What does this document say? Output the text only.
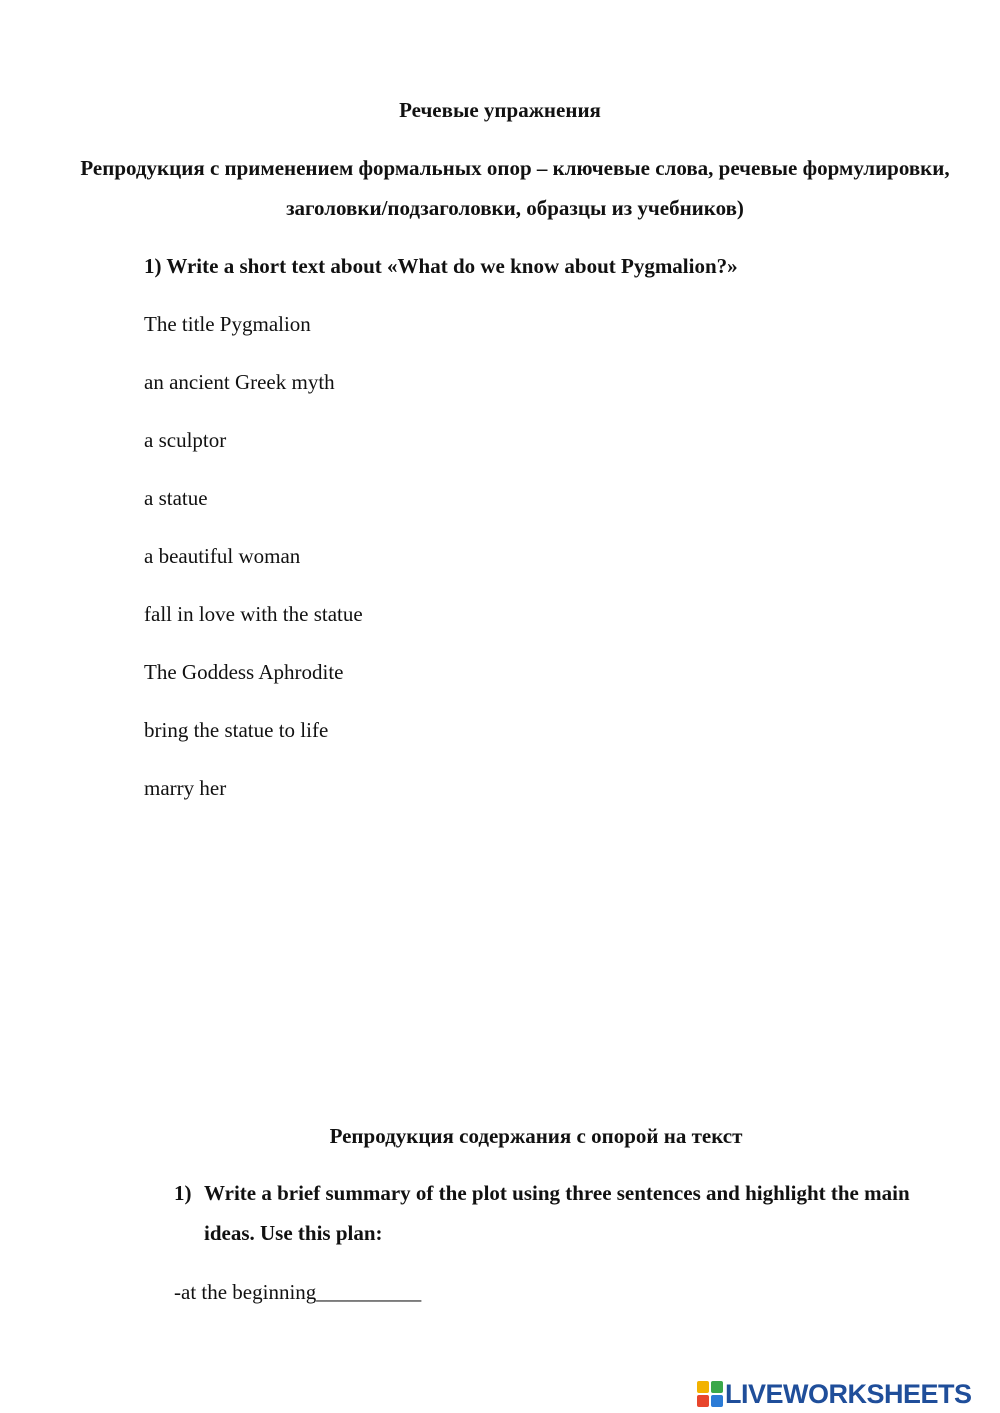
Речевые упражнения
Репродукция с применением формальных опор – ключевые слова, речевые формулировки, заголовки/подзаголовки, образцы из учебников)
1) Write a short text about «What do we know about Pygmalion?»
The title Pygmalion
an ancient Greek myth
a sculptor
a statue
a beautiful woman
fall in love with the statue
The Goddess Aphrodite
bring the statue to life
marry her
Репродукция содержания с опорой на текст
1) Write a brief summary of the plot using three sentences and highlight the main ideas. Use this plan:
-at the beginning__________
LIVEWORKSHEETS
